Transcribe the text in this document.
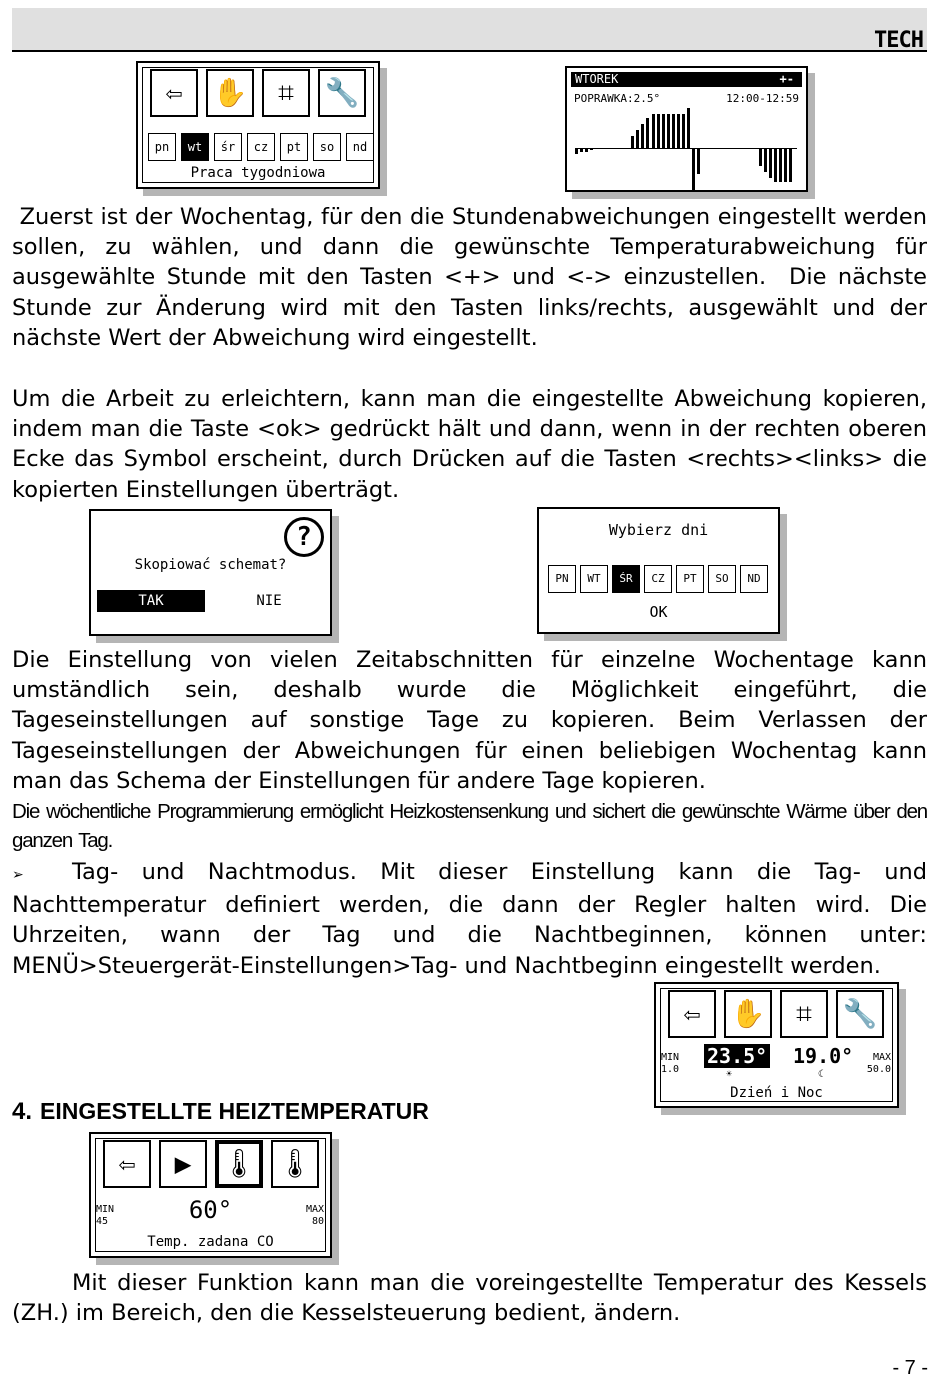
TECH
⇦	✋	⌗	🔧
pn	wt	śr	cz	pt	so	nd
Praca tygodniowa
WTOREK	+-
POPRAWKA:2.5°	12:00-12:59

Zuerst ist der Wochentag, für den die Stundenabweichungen eingestellt werden sollen, zu wählen, und dann die gewünschte Temperaturabweichung für ausgewählte Stunde mit den Tasten <+> und <-> einzustellen.  Die nächste Stunde zur Änderung wird mit den Tasten links/rechts, ausgewählt und der nächste Wert der Abweichung wird eingestellt.

Um die Arbeit zu erleichtern, kann man die eingestellte Abweichung kopieren, indem man die Taste <ok> gedrückt hält und dann, wenn in der rechten oberen Ecke das Symbol erscheint, durch Drücken auf die Tasten <rechts><links> die kopierten Einstellungen überträgt.

?
Skopiować schemat?
TAK	NIE
Wybierz dni
PN	WT	ŚR	CZ	PT	SO	ND
OK

Die Einstellung von vielen Zeitabschnitten für einzelne Wochentage kann umständlich sein, deshalb wurde die Möglichkeit eingeführt, die Tageseinstellungen auf sonstige Tage zu kopieren. Beim Verlassen der Tageseinstellungen der Abweichungen für einen beliebigen Wochentag kann man das Schema der Einstellungen für andere Tage kopieren.

Die wöchentliche Programmierung ermöglicht Heizkostensenkung und sichert die gewünschte Wärme über den ganzen Tag.

➢ Tag- und Nachtmodus. Mit dieser Einstellung kann die Tag- und Nachttemperatur definiert werden, die dann der Regler halten wird. Die Uhrzeiten, wann der Tag und die Nachtbeginnen, können unter: MENÜ>Steuergerät-Einstellungen>Tag- und Nachtbeginn eingestellt werden.

⇦	✋	⌗	🔧
MIN
1.0
23.5°
☀
19.0°
☾
MAX
50.0
Dzień i Noc
4. EINGESTELLTE HEIZTEMPERATUR
⇦	▶	🌡 🌡
MIN
45	60°	MAX
80
Temp. zadana CO

Mit dieser Funktion kann man die voreingestellte Temperatur des Kessels (ZH.) im Bereich, den die Kesselsteuerung bedient, ändern.

- 7 -
